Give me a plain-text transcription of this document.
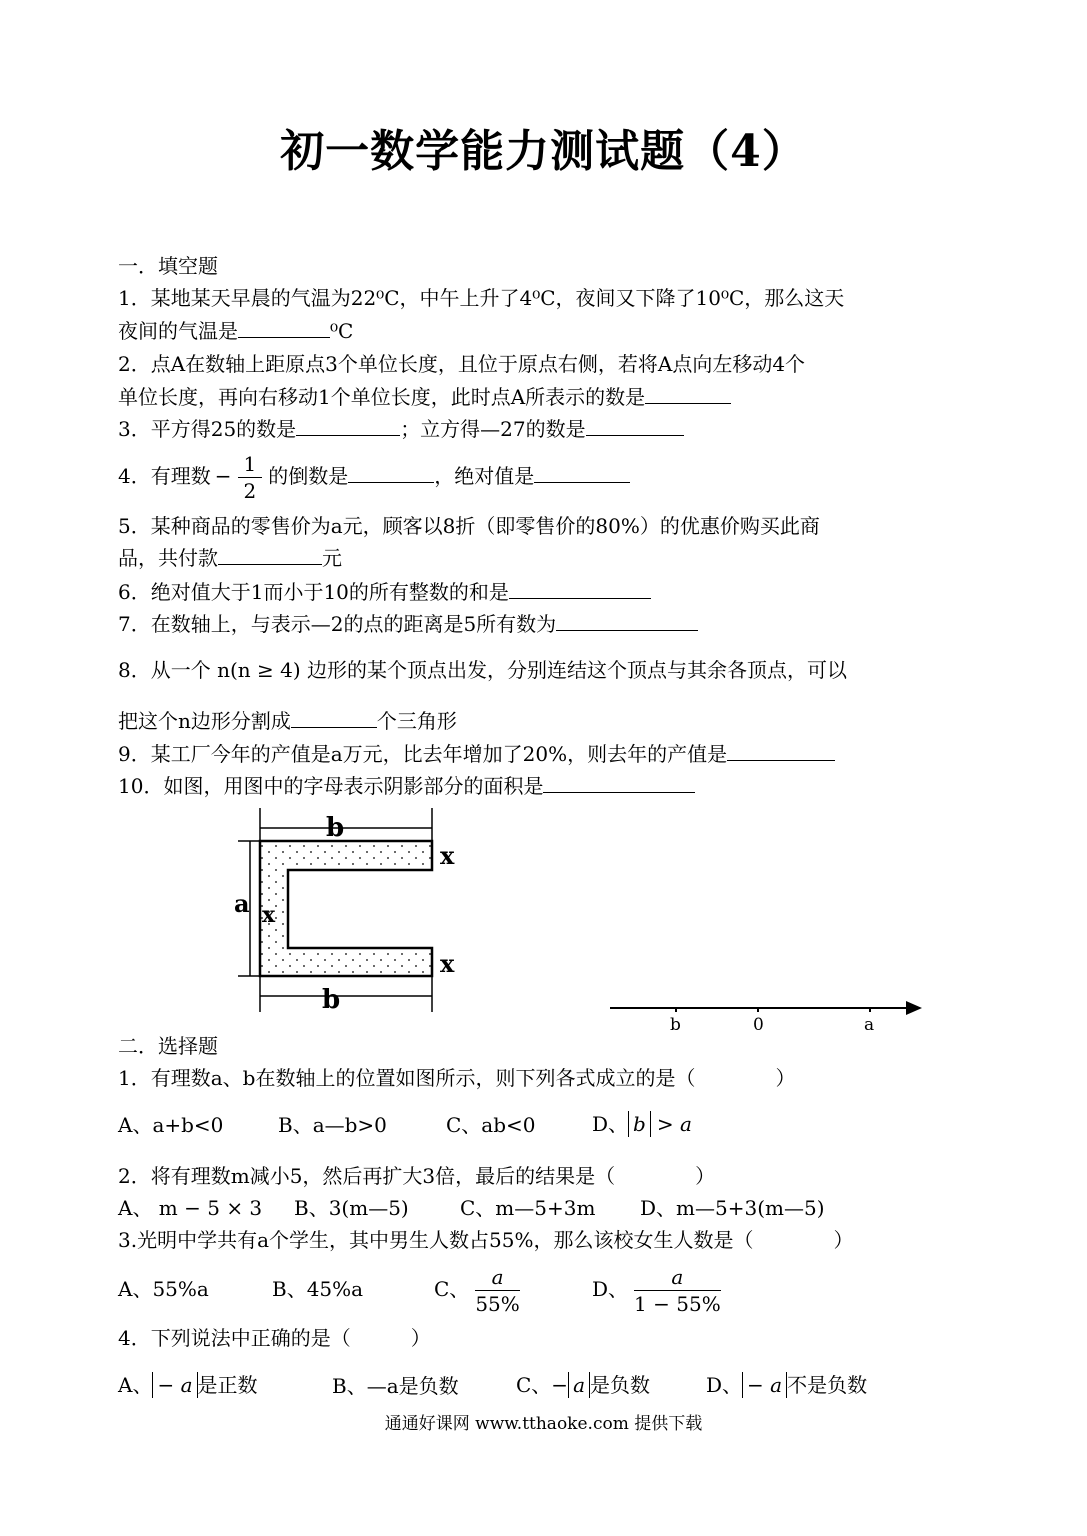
初一数学能力测试题（4）
一．填空题
1．某地某天早晨的气温为22⁰C，中午上升了4⁰C，夜间又下降了10⁰C，那么这天
夜间的气温是	⁰C
2．点A在数轴上距原点3个单位长度，且位于原点右侧，若将A点向左移动4个
单位长度，再向右移动1个单位长度，此时点A所表示的数是
3．平方得25的数是	；立方得—27的数是
4．有理数 − $\frac{1}{2}$ 的倒数是	，绝对值是
5．某种商品的零售价为a元，顾客以8折（即零售价的80%）的优惠价购买此商
品，共付款	元
6．绝对值大于1而小于10的所有整数的和是
7．在数轴上，与表示—2的点的距离是5所有数为
8．从一个 n(n ≥ 4) 边形的某个顶点出发，分别连结这个顶点与其余各顶点，可以
把这个n边形分割成	个三角形
9．某工厂今年的产值是a万元，比去年增加了20%，则去年的产值是
10．如图，用图中的字母表示阴影部分的面积是
b
b
a
x
x
x
b	0	a
二．选择题
1．有理数a、b在数轴上的位置如图所示，则下列各式成立的是（　　　　）
A、a+b<0	B、a—b>0	C、ab<0	D、 b > a
2．将有理数m减小5，然后再扩大3倍，最后的结果是（　　　　）
A、 m − 5 × 3 B、3(m—5)	C、m—5+3m D、m—5+3(m—5)
3.光明中学共有a个学生，其中男生人数占55%，那么该校女生人数是（　　　　）
A、55%a	B、45%a	C、 $\frac{a}{55\%}$	D、 $\frac{a}{1 - 55\%}$
4．下列说法中正确的是（　　　）
A、 − a 是正数	B、—a是负数	C、− a 是负数	D、 − a 不是负数
通通好课网 www.tthaoke.com 提供下载
